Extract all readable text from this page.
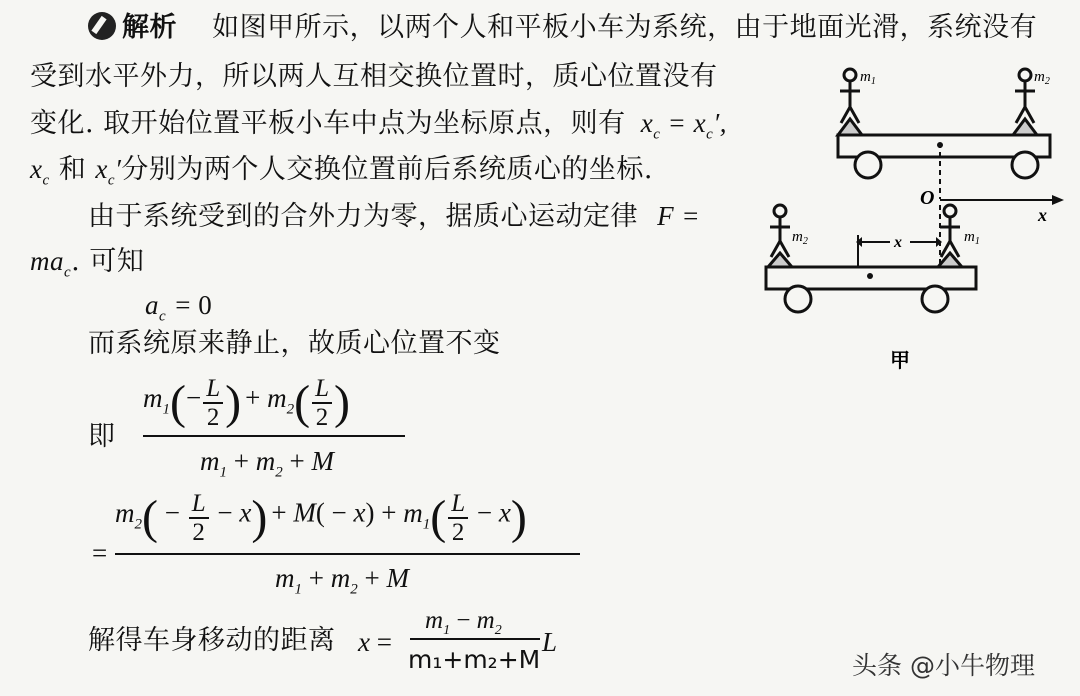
解析 如图甲所示，以两个人和平板小车为系统，由于地面光滑，系统没有
受到水平外力，所以两人互相交换位置时，质心位置没有
变化. 取开始位置平板小车中点为坐标原点，则有 $x_c = x_c'$,
$x_c$ 和 $x_c'$分别为两个人交换位置前后系统质心的坐标.
由于系统受到的合外力为零，据质心运动定律 F =
$ma_c$. 可知
$a_c = 0$
而系统原来静止，故质心位置不变
即
$m_1(- \frac{L}{2}$ ) + $m_2( \frac{L}{2}$ )
$m_1 + m_2 + M$
=
$m_2( - \frac{L}{2} - x) + M( - x) + m_1( \frac{L}{2} - x)$
$m_1 + m_2 + M$
解得车身移动的距离 x =
$m_1 - m_2$
m₁+m₂+M
L
$m_1$	$m_2$
O
x
$m_2$	$m_1$
x
甲
头条 @小牛物理
